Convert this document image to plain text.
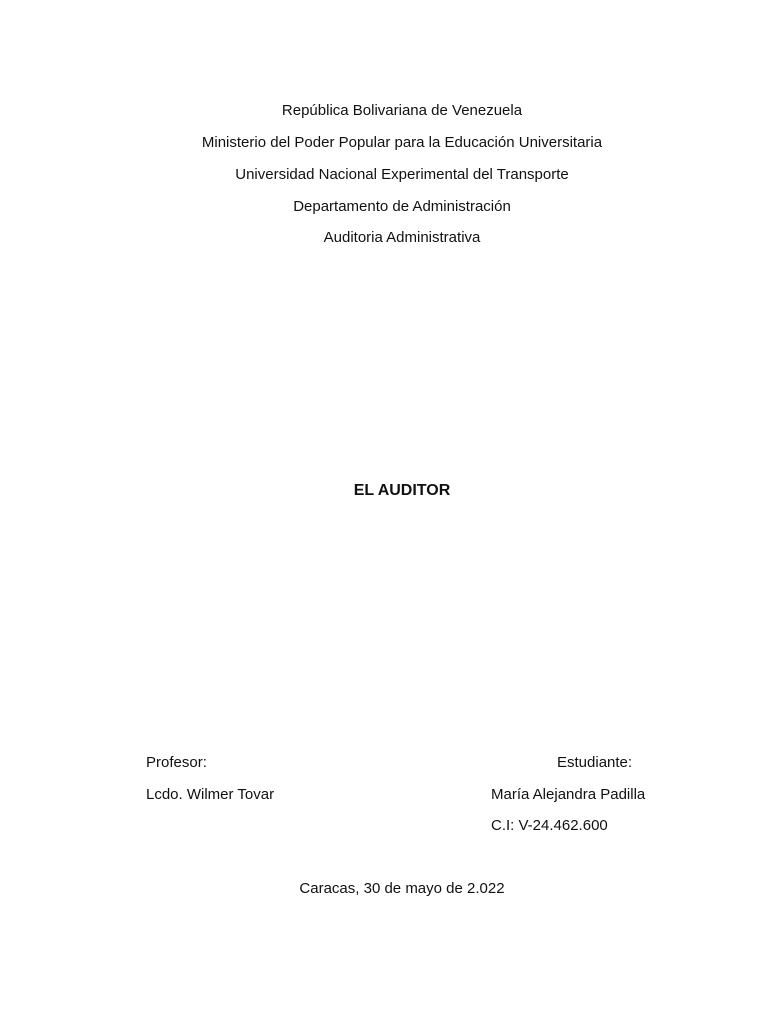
República Bolivariana de Venezuela
Ministerio del Poder Popular para la Educación Universitaria
Universidad Nacional Experimental del Transporte
Departamento de Administración
Auditoria Administrativa
EL AUDITOR
Profesor:
Lcdo. Wilmer Tovar
Estudiante:
María Alejandra Padilla
C.I: V-24.462.600
Caracas, 30 de mayo de 2.022
